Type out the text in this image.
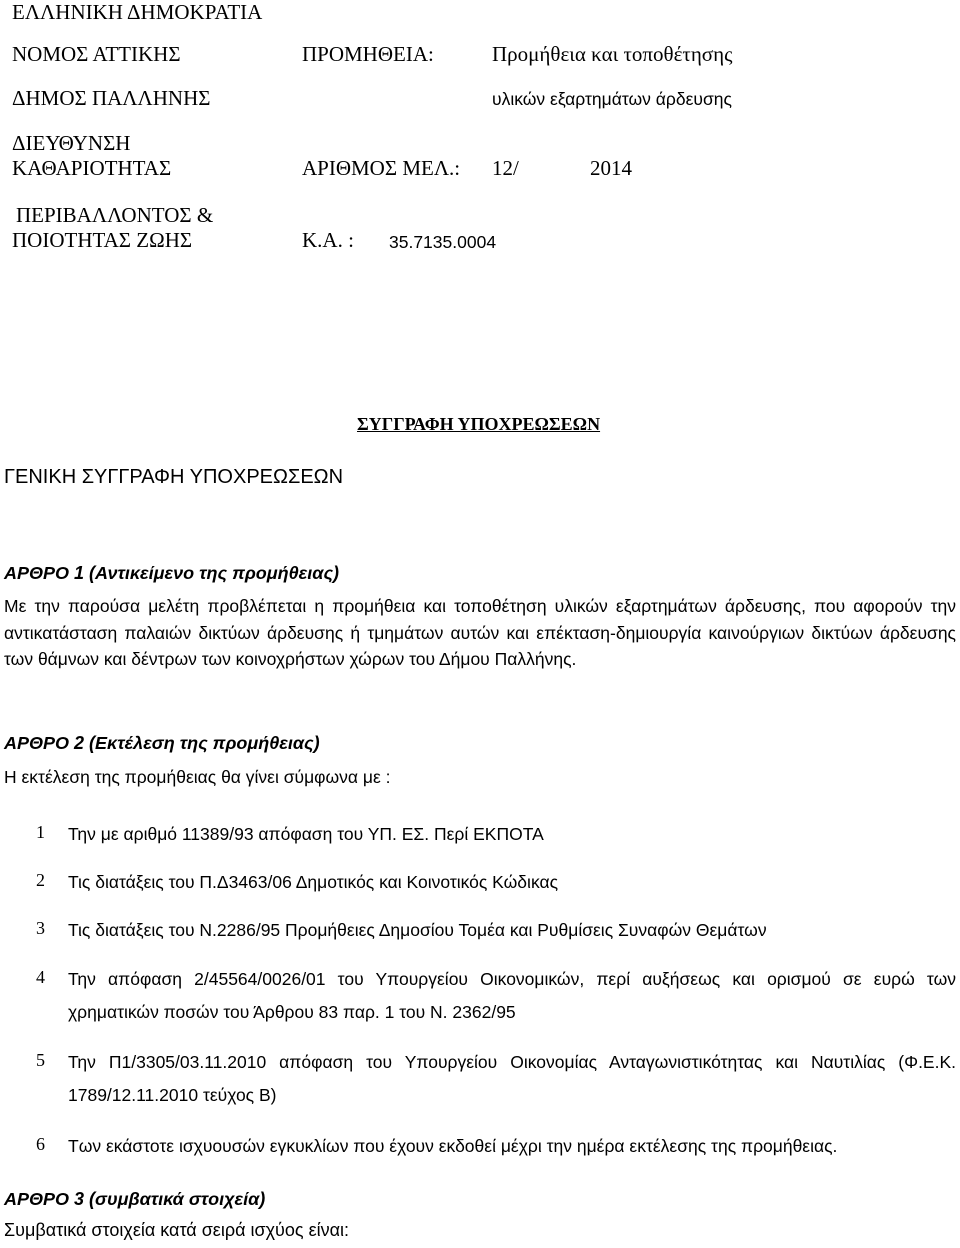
ΕΛΛΗΝΙΚΗ ΔΗΜΟΚΡΑΤΙΑ
ΝΟΜΟΣ ΑΤΤΙΚΗΣ
ΔΗΜΟΣ ΠΑΛΛΗΝΗΣ
ΔΙΕΥΘΥΝΣΗ
ΚΑΘΑΡΙΟΤΗΤΑΣ
ΠΕΡΙΒΑΛΛΟΝΤΟΣ &
ΠΟΙΟΤΗΤΑΣ ΖΩΗΣ
ΠΡΟΜΗΘΕΙΑ:	Προμήθεια και τοποθέτησης
υλικών εξαρτημάτων άρδευσης
ΑΡΙΘΜΟΣ ΜΕΛ.: 12/	2014
Κ.Α. : 35.7135.0004
ΣΥΓΓΡΑΦΗ ΥΠΟΧΡΕΩΣΕΩΝ
ΓΕΝΙΚΗ ΣΥΓΓΡΑΦΗ ΥΠΟΧΡΕΩΣΕΩΝ
ΑΡΘΡΟ 1 (Αντικείμενο της προμήθειας)
Με την παρούσα μελέτη προβλέπεται η προμήθεια και τοποθέτηση υλικών εξαρτημάτων άρδευσης, που αφορούν την αντικατάσταση παλαιών δικτύων άρδευσης ή τμημάτων αυτών και επέκταση-δημιουργία καινούργιων δικτύων άρδευσης των θάμνων και δέντρων των κοινοχρήστων χώρων του Δήμου Παλλήνης.
ΑΡΘΡΟ 2 (Εκτέλεση της προμήθειας)
Η εκτέλεση της προμήθειας θα γίνει σύμφωνα με :
1 Την με αριθμό 11389/93 απόφαση του ΥΠ. ΕΣ. Περί ΕΚΠΟΤΑ
2 Τις διατάξεις του Π.Δ3463/06 Δημοτικός και Κοινοτικός Κώδικας
3 Τις διατάξεις του Ν.2286/95 Προμήθειες Δημοσίου Τομέα και Ρυθμίσεις Συναφών Θεμάτων
4 Την απόφαση 2/45564/0026/01 του Υπουργείου Οικονομικών, περί αυξήσεως και ορισμού σε ευρώ των χρηματικών ποσών του Άρθρου 83 παρ. 1 του Ν. 2362/95
5 Την Π1/3305/03.11.2010 απόφαση του Υπουργείου Οικονομίας Ανταγωνιστικότητας και Ναυτιλίας (Φ.Ε.Κ. 1789/12.11.2010 τεύχος Β)
6 Των εκάστοτε ισχυουσών εγκυκλίων που έχουν εκδοθεί μέχρι την ημέρα εκτέλεσης της προμήθειας.
ΑΡΘΡΟ 3 (συμβατικά στοιχεία)
Συμβατικά στοιχεία κατά σειρά ισχύος είναι:
